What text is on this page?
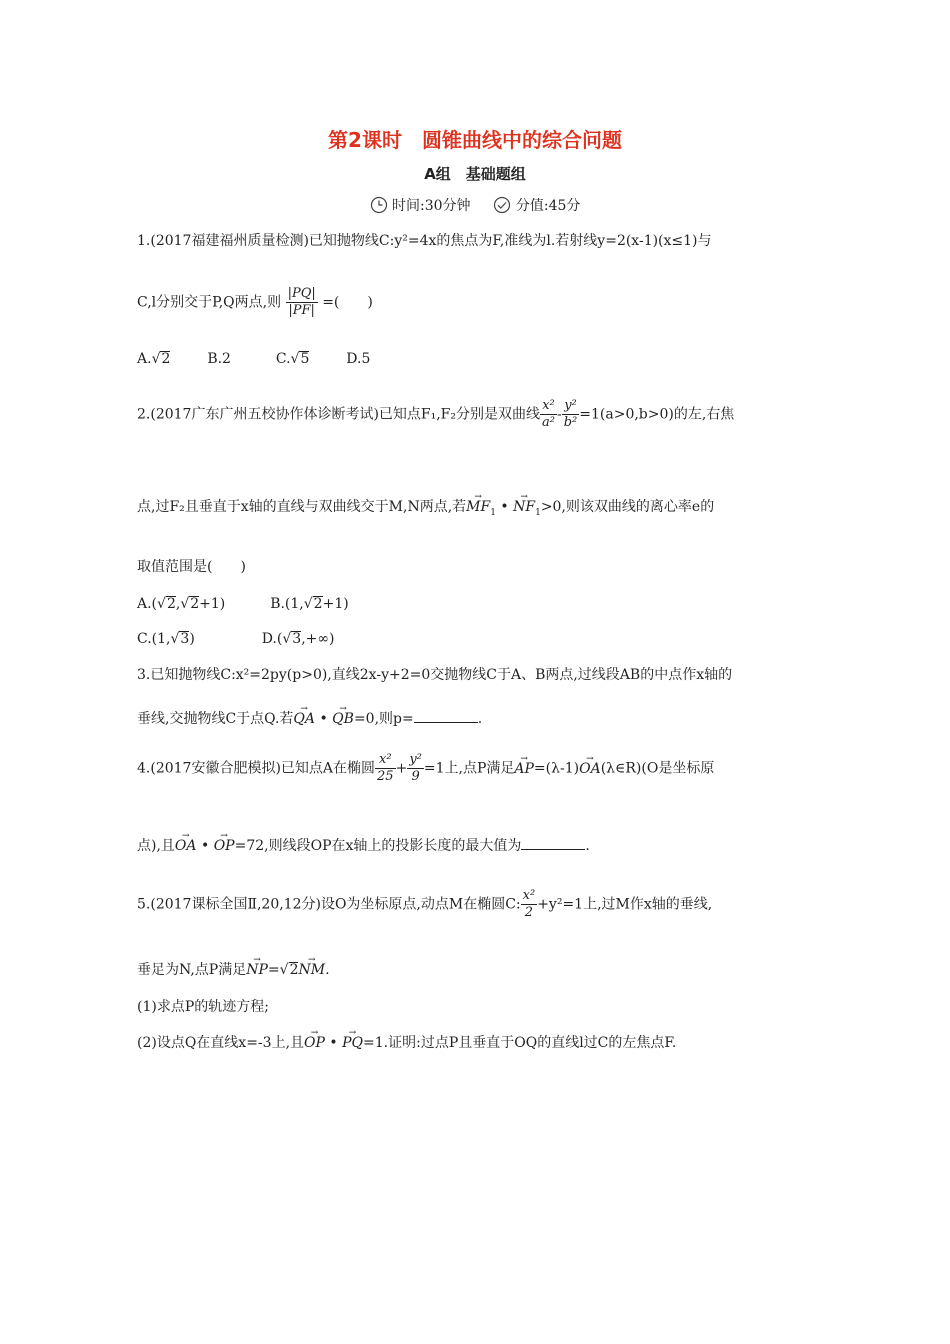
第2课时　圆锥曲线中的综合问题
A组　基础题组
时间:30分钟	分值:45分
1.(2017福建福州质量检测)已知抛物线C:y²=4x的焦点为F,准线为l.若射线y=2(x-1)(x≤1)与
C,l分别交于P,Q两点,则 $\frac{|PQ|}{|PF|}$ =(　　)
A.√2	B.2	C.√5	D.5
2.(2017广东广州五校协作体诊断考试)已知点F₁,F₂分别是双曲线 $\frac{\text{x²}}{\text{a²}} - \frac{\text{y²}}{\text{b²}} =1(a>0,b>0)$的左,右焦
点,过F₂且垂直于x轴的直线与双曲线交于M,N两点,若→ $MF_1$ • → $NF_1>0$,则该双曲线的离心率e的
取值范围是(　　)
A.(√2,√2+1)	B.(1,√2+1)
C.(1,√3)	D.(√3,+∞)
3.已知抛物线C:x²=2py(p>0),直线2x-y+2=0交抛物线C于A、B两点,过线段AB的中点作x轴的
垂线,交抛物线C于点Q.若→ QA • → QB=0,则p=	.
4.(2017安徽合肥模拟)已知点A在椭圆 $\frac{\text{x²}}{25} + \frac{\text{y²}}{9} =1$上,点P满足→ AP=(λ-1)→ OA(λ∈R)(O是坐标原
点),且→ OA • → OP=72,则线段OP在x轴上的投影长度的最大值为	.
5.(2017课标全国Ⅱ,20,12分)设O为坐标原点,动点M在椭圆C: $\frac{\text{x²}}{2} +y^2=1$上,过M作x轴的垂线,
垂足为N,点P满足→ NP=√2→ NM.
(1)求点P的轨迹方程;
(2)设点Q在直线x=-3上,且→ OP • → PQ=1.证明:过点P且垂直于OQ的直线l过C的左焦点F.
